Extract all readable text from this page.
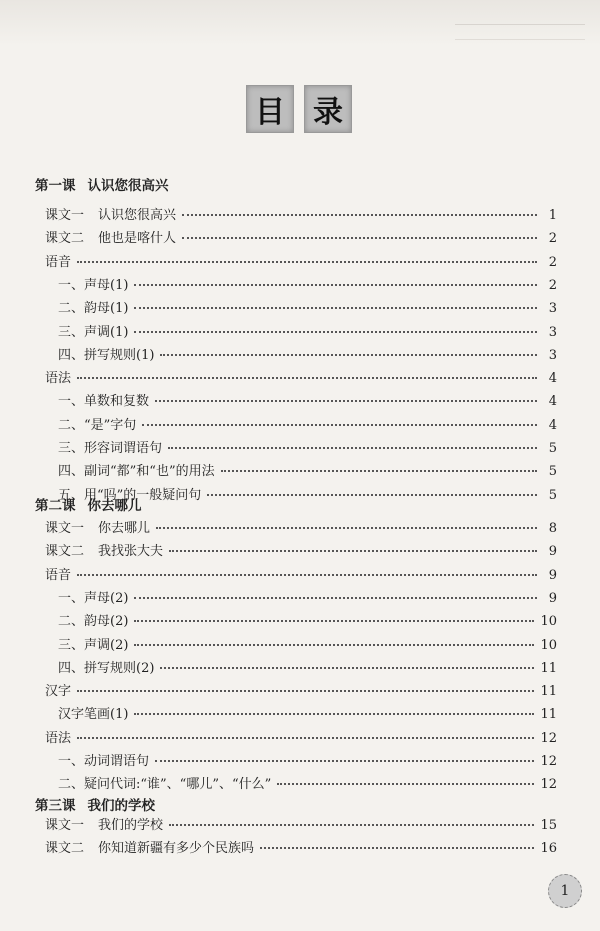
目 录
第一课 认识您很高兴
课文一 认识您很高兴	1
课文二 他也是喀什人	2
语音	2
一、声母(1)	2
二、韵母(1)	3
三、声调(1)	3
四、拼写规则(1)	3
语法	4
一、单数和复数	4
二、“是”字句	4
三、形容词谓语句	5
四、副词“都”和“也”的用法	5
五、用“吗”的一般疑问句	5
第二课 你去哪儿
课文一 你去哪儿	8
课文二 我找张大夫	9
语音	9
一、声母(2)	9
二、韵母(2)	10
三、声调(2)	10
四、拼写规则(2)	11
汉字	11
汉字笔画(1)	11
语法	12
一、动词谓语句	12
二、疑问代词:“谁”、“哪儿”、“什么”	12
第三课 我们的学校
课文一 我们的学校	15
课文二 你知道新疆有多少个民族吗	16
1
